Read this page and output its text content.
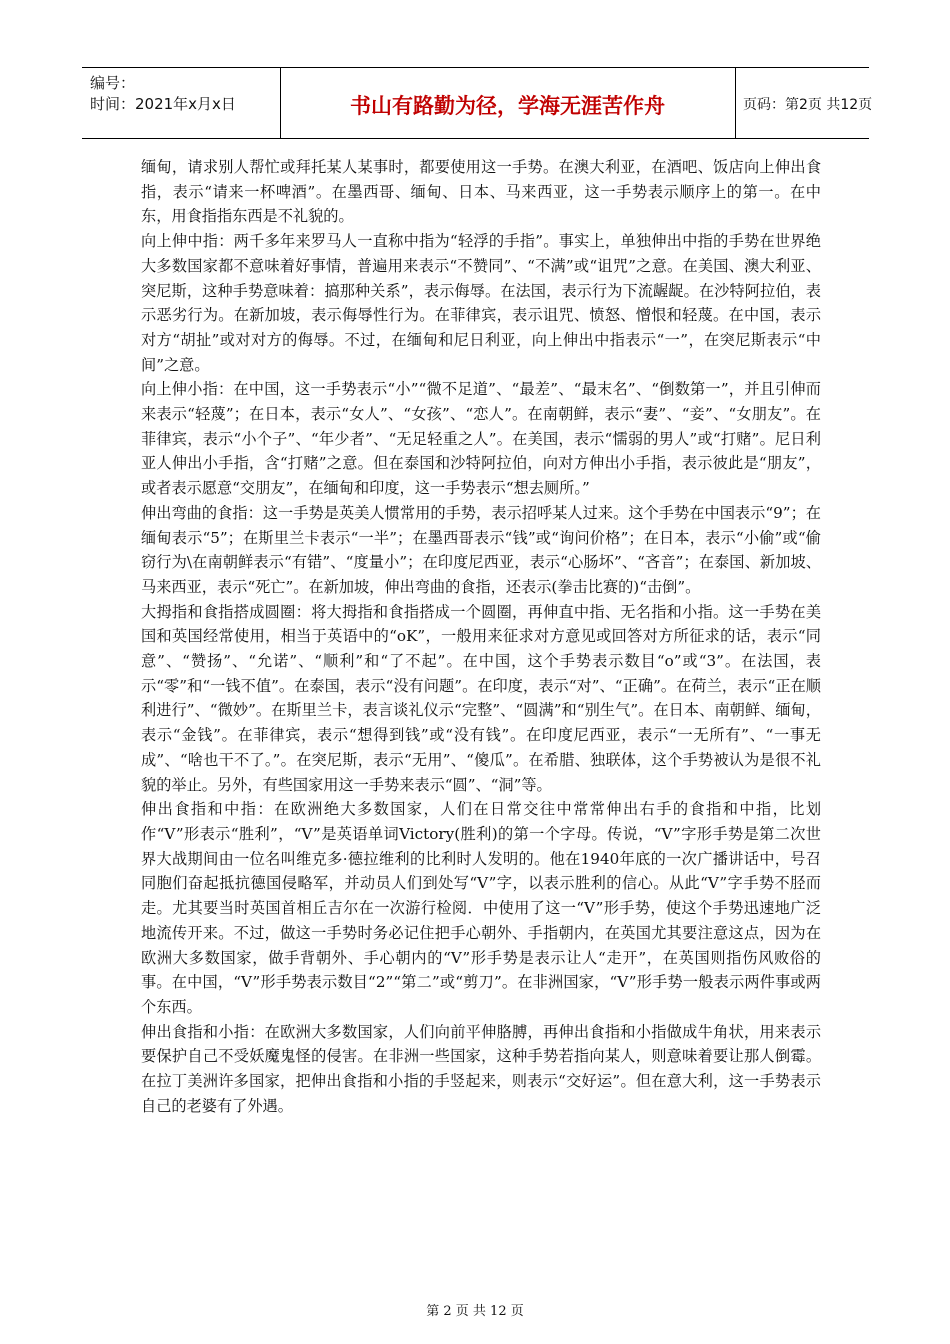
编号：
时间：2021年x月x日	书山有路勤为径，学海无涯苦作舟	页码：第2页 共12页

缅甸，请求别人帮忙或拜托某人某事时，都要使用这一手势。在澳大利亚，在酒吧、饭店向上伸出食指，表示“请来一杯啤酒”。在墨西哥、缅甸、日本、马来西亚，这一手势表示顺序上的第一。在中东，用食指指东西是不礼貌的。

向上伸中指：两千多年来罗马人一直称中指为“轻浮的手指”。事实上，单独伸出中指的手势在世界绝大多数国家都不意味着好事情，普遍用来表示“不赞同”、“不满”或“诅咒”之意。在美国、澳大利亚、突尼斯，这种手势意味着：搞那种关系”，表示侮辱。在法国，表示行为下流龌龊。在沙特阿拉伯，表示恶劣行为。在新加坡，表示侮辱性行为。在菲律宾，表示诅咒、愤怒、憎恨和轻蔑。在中国，表示对方“胡扯”或对对方的侮辱。不过，在缅甸和尼日利亚，向上伸出中指表示“一”，在突尼斯表示“中间”之意。

向上伸小指：在中国，这一手势表示“小”“微不足道”、“最差”、“最末名”、“倒数第一”，并且引伸而来表示“轻蔑”；在日本，表示“女人”、“女孩”、“恋人”。在南朝鲜，表示“妻”、“妾”、“女朋友”。在菲律宾，表示“小个子”、“年少者”、“无足轻重之人”。在美国，表示“懦弱的男人”或“打赌”。尼日利亚人伸出小手指，含“打赌”之意。但在泰国和沙特阿拉伯，向对方伸出小手指，表示彼此是“朋友”，或者表示愿意“交朋友”，在缅甸和印度，这一手势表示“想去厕所。”

伸出弯曲的食指：这一手势是英美人惯常用的手势，表示招呼某人过来。这个手势在中国表示“9”；在缅甸表示“5”；在斯里兰卡表示“一半”；在墨西哥表示“钱”或“询问价格”；在日本，表示“小偷”或“偷窃行为\在南朝鲜表示“有错”、“度量小”；在印度尼西亚，表示“心肠坏”、“吝音”；在泰国、新加坡、马来西亚，表示“死亡”。在新加坡，伸出弯曲的食指，还表示(拳击比赛的)“击倒”。

大拇指和食指搭成圆圈：将大拇指和食指搭成一个圆圈，再伸直中指、无名指和小指。这一手势在美国和英国经常使用，相当于英语中的“oK”，一般用来征求对方意见或回答对方所征求的话，表示“同意”、“赞扬”、“允诺”、“顺利”和“了不起”。在中国，这个手势表示数目“o”或“3”。在法国，表示“零”和“一钱不值”。在泰国，表示“没有问题”。在印度，表示“对”、“正确”。在荷兰，表示“正在顺利进行”、“微妙”。在斯里兰卡，表言谈礼仪示“完整”、“圆满”和“别生气”。在日本、南朝鲜、缅甸，表示“金钱”。在菲律宾，表示“想得到钱”或“没有钱”。在印度尼西亚，表示“一无所有”、“一事无成”、“啥也干不了。”。在突尼斯，表示“无用”、“傻瓜”。在希腊、独联体，这个手势被认为是很不礼貌的举止。另外，有些国家用这一手势来表示“圆”、“洞”等。

伸出食指和中指：在欧洲绝大多数国家，人们在日常交往中常常伸出右手的食指和中指，比划作“V”形表示“胜利”，“V”是英语单词Victory(胜利)的第一个字母。传说，“V”字形手势是第二次世界大战期间由一位名叫维克多·德拉维利的比利时人发明的。他在1940年底的一次广播讲话中，号召同胞们奋起抵抗德国侵略军，并动员人们到处写“V”字，以表示胜利的信心。从此“V”字手势不胫而走。尤其要当时英国首相丘吉尔在一次游行检阅．中使用了这一“V”形手势，使这个手势迅速地广泛地流传开来。不过，做这一手势时务必记住把手心朝外、手指朝内，在英国尤其要注意这点，因为在欧洲大多数国家，做手背朝外、手心朝内的“V”形手势是表示让人“走开”，在英国则指伤风败俗的事。在中国，“V”形手势表示数目“2”“第二”或“剪刀”。在非洲国家，“V”形手势一般表示两件事或两个东西。

伸出食指和小指：在欧洲大多数国家，人们向前平伸胳膊，再伸出食指和小指做成牛角状，用来表示要保护自己不受妖魔鬼怪的侵害。在非洲一些国家，这种手势若指向某人，则意味着要让那人倒霉。在拉丁美洲许多国家，把伸出食指和小指的手竖起来，则表示“交好运”。但在意大利，这一手势表示自己的老婆有了外遇。

第 2 页 共 12 页
